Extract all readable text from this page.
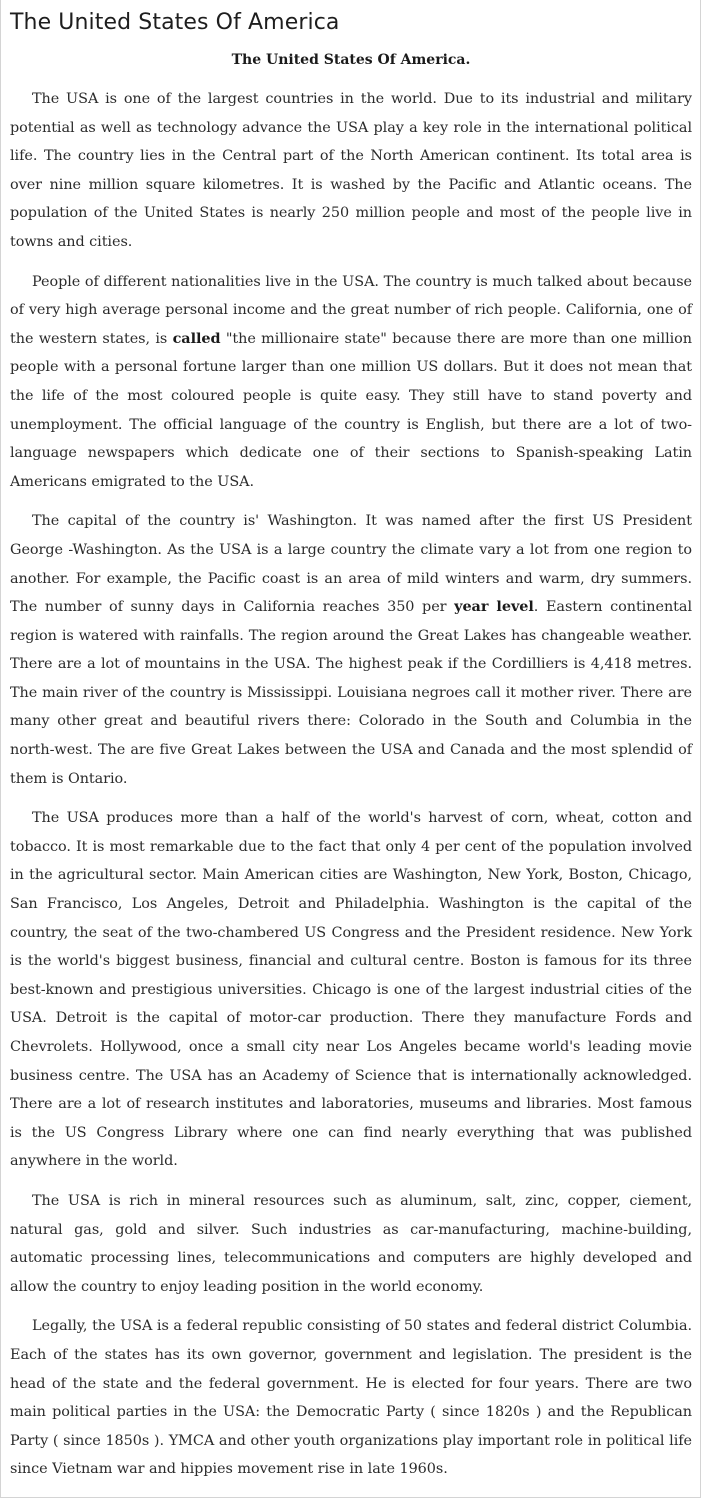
The United States Of America
The United States Of America.

The USA is one of the largest countries in the world. Due to its industrial and military potential as well as technology advance the USA play a key role in the international political life. The country lies in the Central part of the North American continent. Its total area is over nine million square kilometres. It is washed by the Pacific and Atlantic oceans. The population of the United States is nearly 250 million people and most of the people live in towns and cities.

People of different nationalities live in the USA. The country is much talked about because of very high average personal income and the great number of rich people. California, one of the western states, is called "the millionaire state" because there are more than one million people with a personal fortune larger than one million US dollars. But it does not mean that the life of the most coloured people is quite easy. They still have to stand poverty and unemployment. The official language of the country is English, but there are a lot of two-language newspapers which dedicate one of their sections to Spanish-speaking Latin Americans emigrated to the USA.

The capital of the country is' Washington. It was named after the first US President George -Washington. As the USA is a large country the climate vary a lot from one region to another. For example, the Pacific coast is an area of mild winters and warm, dry summers. The number of sunny days in California reaches 350 per year level. Eastern continental region is watered with rainfalls. The region around the Great Lakes has changeable weather. There are a lot of mountains in the USA. The highest peak if the Cordilliers is 4,418 metres. The main river of the country is Mississippi. Louisiana negroes call it mother river. There are many other great and beautiful rivers there: Colorado in the South and Columbia in the north-west. The are five Great Lakes between the USA and Canada and the most splendid of them is Ontario.

The USA produces more than a half of the world's harvest of corn, wheat, cotton and tobacco. It is most remarkable due to the fact that only 4 per cent of the population involved in the agricultural sector. Main American cities are Washington, New York, Boston, Chicago, San Francisco, Los Angeles, Detroit and Philadelphia. Washington is the capital of the country, the seat of the two-chambered US Congress and the President residence. New York is the world's biggest business, financial and cultural centre. Boston is famous for its three best-known and prestigious universities. Chicago is one of the largest industrial cities of the USA. Detroit is the capital of motor-car production. There they manufacture Fords and Chevrolets. Hollywood, once a small city near Los Angeles became world's leading movie business centre. The USA has an Academy of Science that is internationally acknowledged. There are a lot of research institutes and laboratories, museums and libraries. Most famous is the US Congress Library where one can find nearly everything that was published anywhere in the world.

The USA is rich in mineral resources such as aluminum, salt, zinc, copper, ciement, natural gas, gold and silver. Such industries as car-manufacturing, machine-building, automatic processing lines, telecommunications and computers are highly developed and allow the country to enjoy leading position in the world economy.

Legally, the USA is a federal republic consisting of 50 states and federal district Columbia. Each of the states has its own governor, government and legislation. The president is the head of the state and the federal government. He is elected for four years. There are two main political parties in the USA: the Democratic Party ( since 1820s ) and the Republican Party ( since 1850s ). YMCA and other youth organizations play important role in political life since Vietnam war and hippies movement rise in late 1960s.
